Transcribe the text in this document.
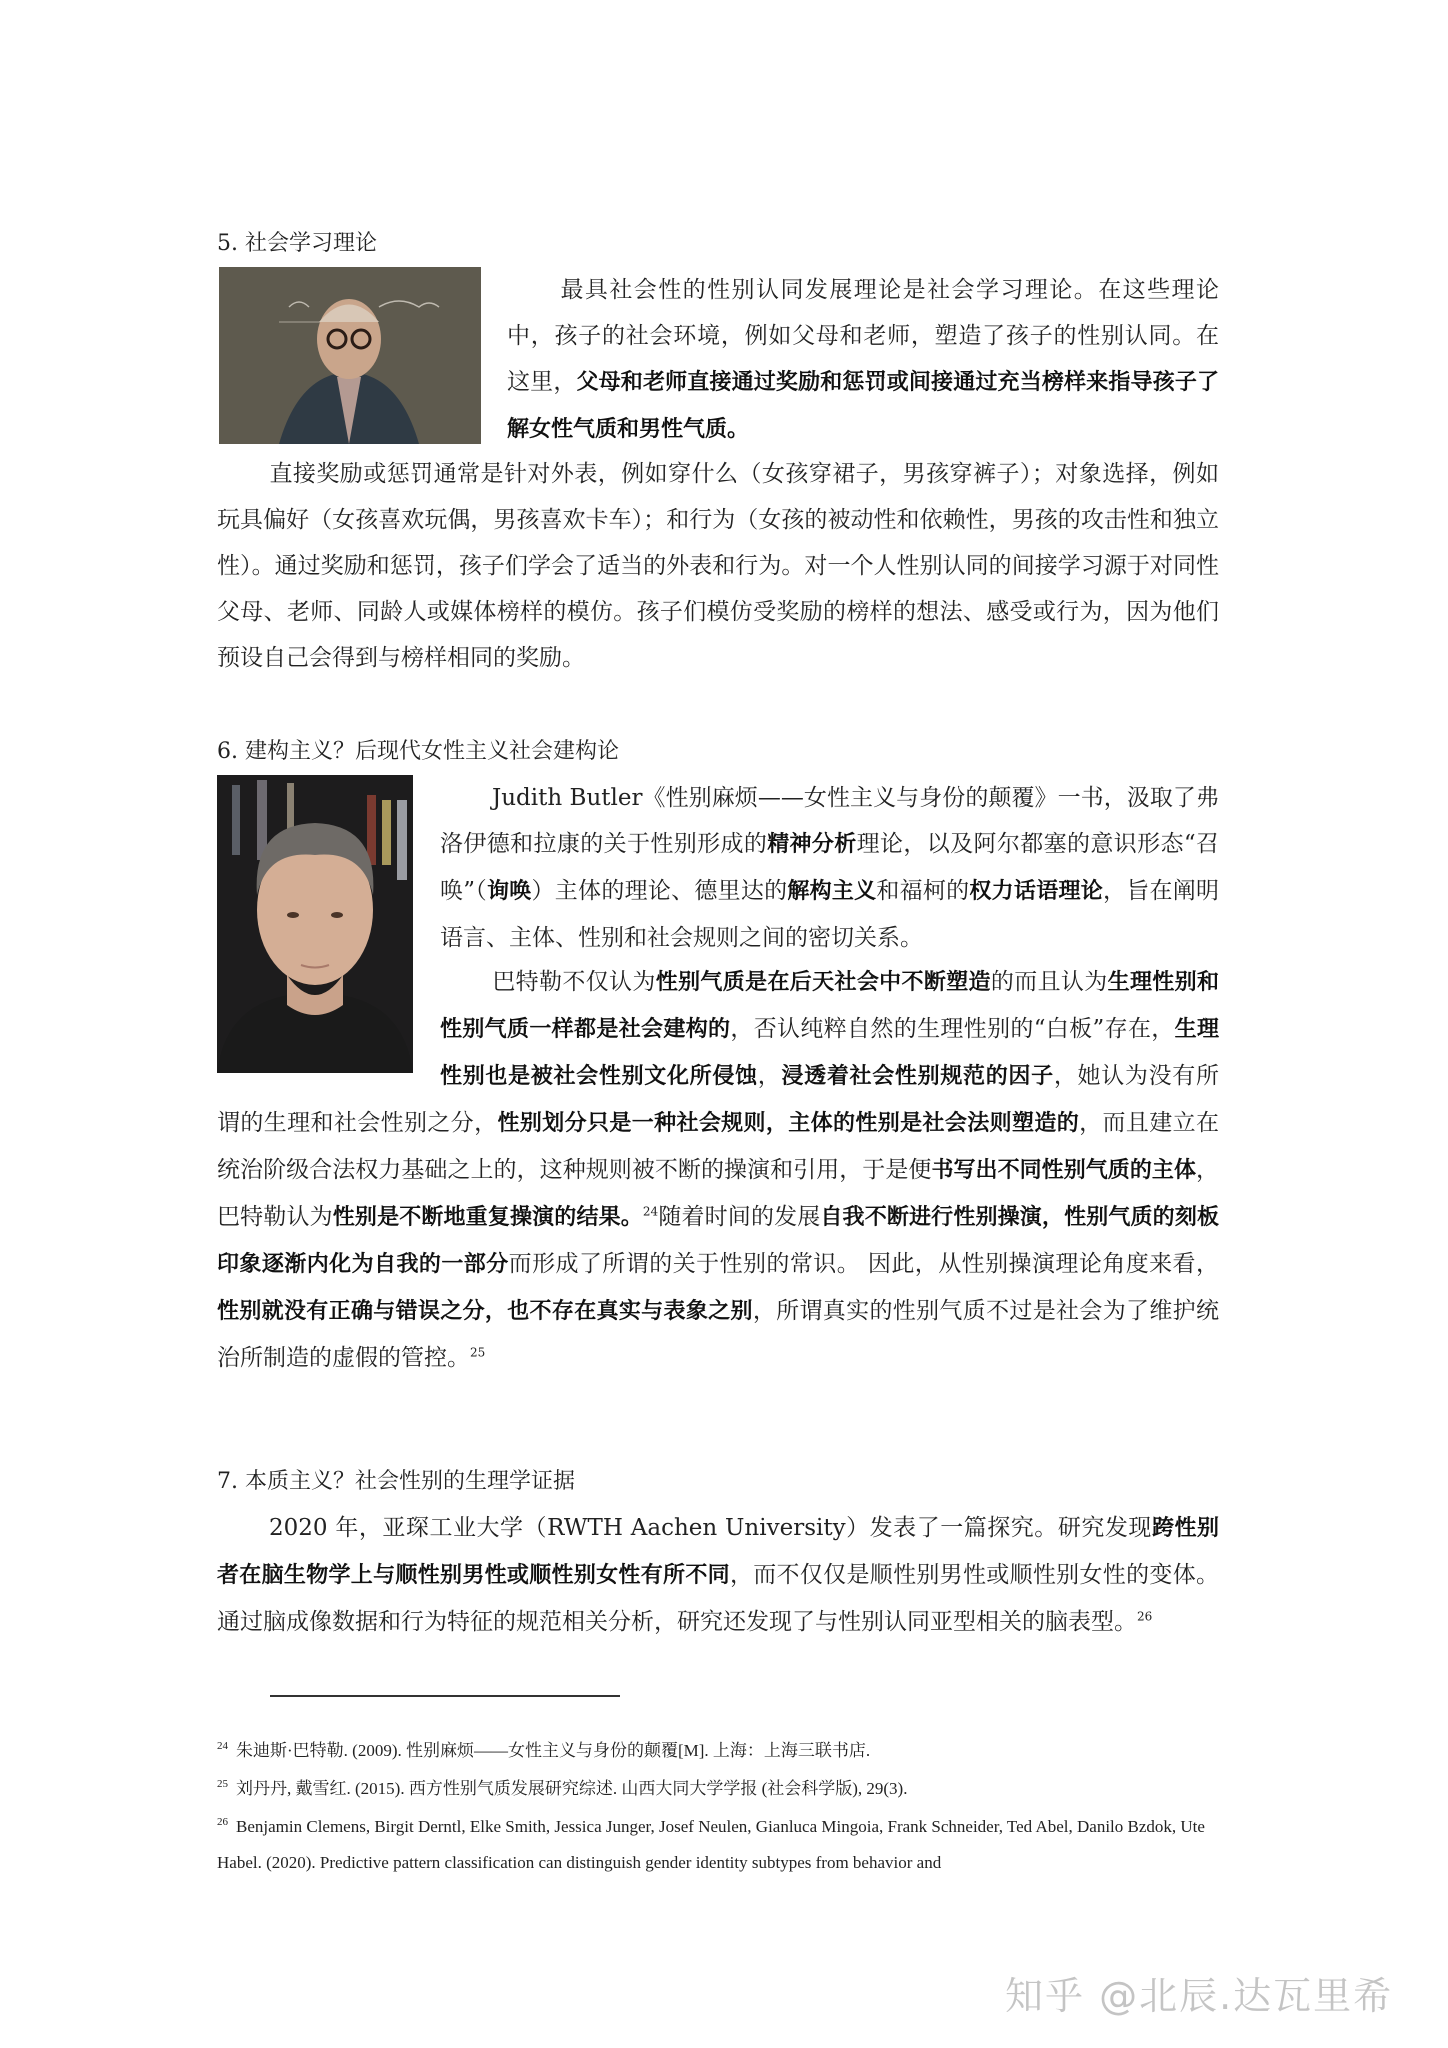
5. 社会学习理论
最具社会性的性别认同发展理论是社会学习理论。在这些理论中，孩子的社会环境，例如父母和老师，塑造了孩子的性别认同。在这里，父母和老师直接通过奖励和惩罚或间接通过充当榜样来指导孩子了解女性气质和男性气质。
直接奖励或惩罚通常是针对外表，例如穿什么（女孩穿裙子，男孩穿裤子）；对象选择，例如玩具偏好（女孩喜欢玩偶，男孩喜欢卡车）；和行为（女孩的被动性和依赖性，男孩的攻击性和独立性）。通过奖励和惩罚，孩子们学会了适当的外表和行为。对一个人性别认同的间接学习源于对同性父母、老师、同龄人或媒体榜样的模仿。孩子们模仿受奖励的榜样的想法、感受或行为，因为他们预设自己会得到与榜样相同的奖励。
6. 建构主义？后现代女性主义社会建构论
Judith Butler《性别麻烦——女性主义与身份的颠覆》一书，汲取了弗洛伊德和拉康的关于性别形成的精神分析理论，以及阿尔都塞的意识形态“召唤”（询唤）主体的理论、德里达的解构主义和福柯的权力话语理论，旨在阐明语言、主体、性别和社会规则之间的密切关系。
巴特勒不仅认为性别气质是在后天社会中不断塑造的而且认为生理性别和性别气质一样都是社会建构的，否认纯粹自然的生理性别的“白板”存在，生理性别也是被社会性别文化所侵蚀，浸透着社会性别规范的因子，她认为没有所谓的生理和社会性别之分，性别划分只是一种社会规则，主体的性别是社会法则塑造的，而且建立在统治阶级合法权力基础之上的，这种规则被不断的操演和引用，于是便书写出不同性别气质的主体，巴特勒认为性别是不断地重复操演的结果。$^{24}$随着时间的发展自我不断进行性别操演，性别气质的刻板印象逐渐内化为自我的一部分而形成了所谓的关于性别的常识。 因此，从性别操演理论角度来看，性别就没有正确与错误之分，也不存在真实与表象之别，所谓真实的性别气质不过是社会为了维护统治所制造的虚假的管控。$^{25}$
7. 本质主义？社会性别的生理学证据
2020 年，亚琛工业大学（RWTH Aachen University）发表了一篇探究。研究发现跨性别者在脑生物学上与顺性别男性或顺性别女性有所不同，而不仅仅是顺性别男性或顺性别女性的变体。通过脑成像数据和行为特征的规范相关分析，研究还发现了与性别认同亚型相关的脑表型。$^{26}$
$^{24}$ 朱迪斯·巴特勒. (2009). 性别麻烦——女性主义与身份的颠覆[M]. 上海：上海三联书店.
$^{25}$ 刘丹丹, 戴雪红. (2015). 西方性别气质发展研究综述. 山西大同大学学报 (社会科学版), 29(3).
$^{26}$ Benjamin Clemens, Birgit Derntl, Elke Smith, Jessica Junger, Josef Neulen, Gianluca Mingoia, Frank Schneider, Ted Abel, Danilo Bzdok, Ute Habel. (2020). Predictive pattern classification can distinguish gender identity subtypes from behavior and
知乎 @北辰.达瓦里希
